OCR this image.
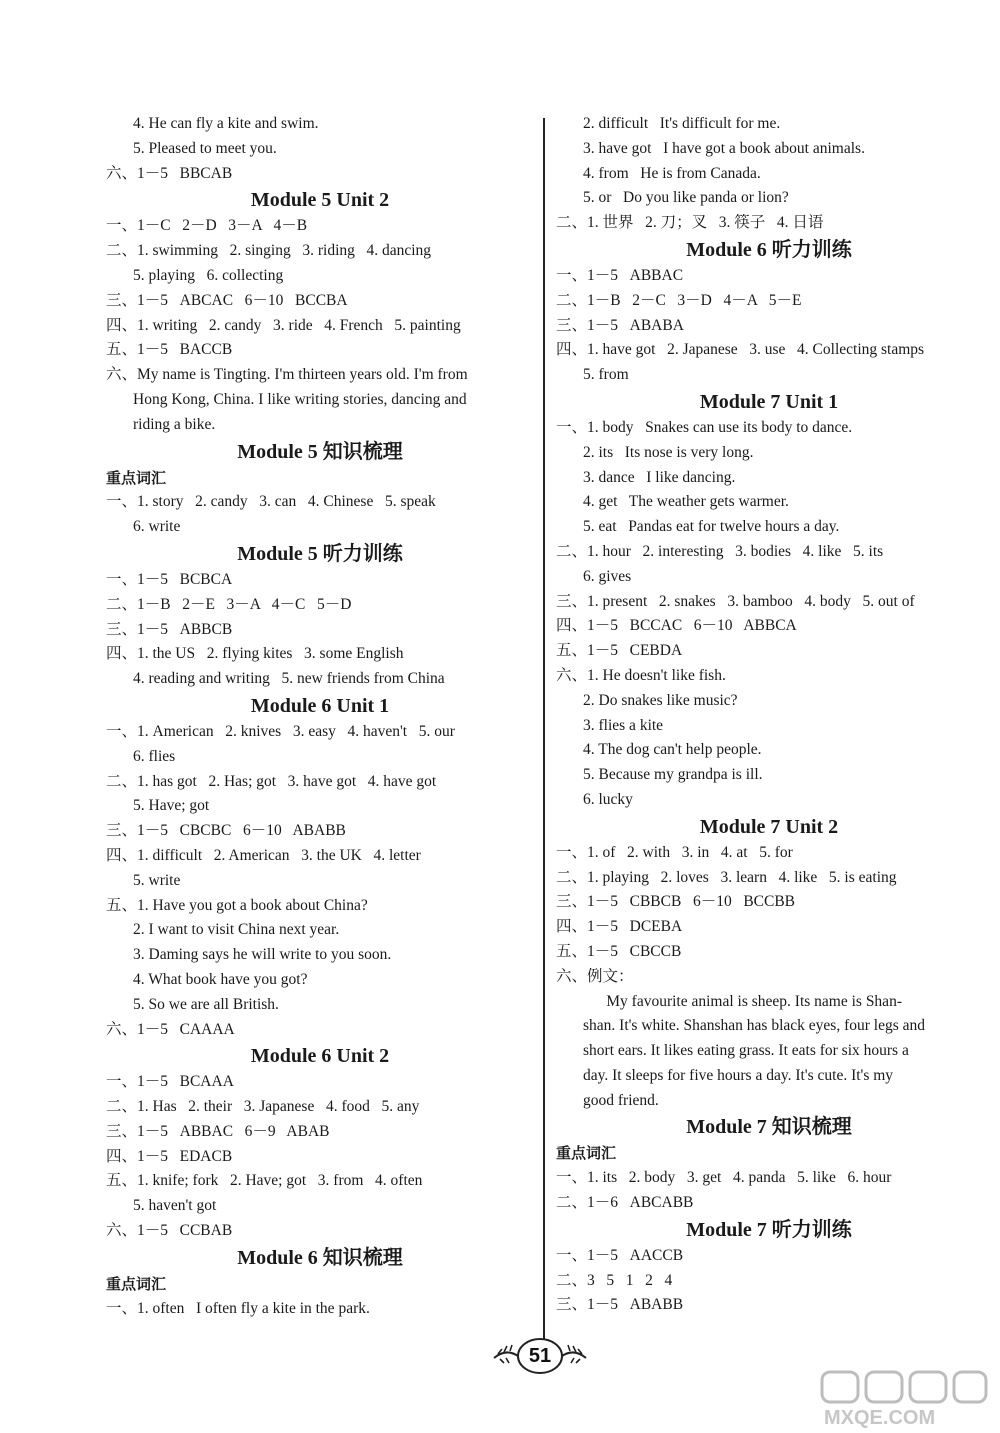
4. He can fly a kite and swim.
5. Pleased to meet you.
六、1－5   BBCAB
Module 5 Unit 2
一、1－C   2－D   3－A   4－B
二、1. swimming   2. singing   3. riding   4. dancing
5. playing   6. collecting
三、1－5   ABCAC   6－10   BCCBA
四、1. writing   2. candy   3. ride   4. French   5. painting
五、1－5   BACCB
六、My name is Tingting. I'm thirteen years old. I'm from
Hong Kong, China. I like writing stories, dancing and
riding a bike.
Module 5 知识梳理
重点词汇
一、1. story   2. candy   3. can   4. Chinese   5. speak
6. write
Module 5 听力训练
一、1－5   BCBCA
二、1－B   2－E   3－A   4－C   5－D
三、1－5   ABBCB
四、1. the US   2. flying kites   3. some English
4. reading and writing   5. new friends from China
Module 6 Unit 1
一、1. American   2. knives   3. easy   4. haven't   5. our
6. flies
二、1. has got   2. Has; got   3. have got   4. have got
5. Have; got
三、1－5   CBCBC   6－10   ABABB
四、1. difficult   2. American   3. the UK   4. letter
5. write
五、1. Have you got a book about China?
2. I want to visit China next year.
3. Daming says he will write to you soon.
4. What book have you got?
5. So we are all British.
六、1－5   CAAAA
Module 6 Unit 2
一、1－5   BCAAA
二、1. Has   2. their   3. Japanese   4. food   5. any
三、1－5   ABBAC   6－9   ABAB
四、1－5   EDACB
五、1. knife; fork   2. Have; got   3. from   4. often
5. haven't got
六、1－5   CCBAB
Module 6 知识梳理
重点词汇
一、1. often   I often fly a kite in the park.
2. difficult   It's difficult for me.
3. have got   I have got a book about animals.
4. from   He is from Canada.
5. or   Do you like panda or lion?
二、1. 世界   2. 刀；叉   3. 筷子   4. 日语
Module 6 听力训练
一、1－5   ABBAC
二、1－B   2－C   3－D   4－A   5－E
三、1－5   ABABA
四、1. have got   2. Japanese   3. use   4. Collecting stamps
5. from
Module 7 Unit 1
一、1. body   Snakes can use its body to dance.
2. its   Its nose is very long.
3. dance   I like dancing.
4. get   The weather gets warmer.
5. eat   Pandas eat for twelve hours a day.
二、1. hour   2. interesting   3. bodies   4. like   5. its
6. gives
三、1. present   2. snakes   3. bamboo   4. body   5. out of
四、1－5   BCCAC   6－10   ABBCA
五、1－5   CEBDA
六、1. He doesn't like fish.
2. Do snakes like music?
3. flies a kite
4. The dog can't help people.
5. Because my grandpa is ill.
6. lucky
Module 7 Unit 2
一、1. of   2. with   3. in   4. at   5. for
二、1. playing   2. loves   3. learn   4. like   5. is eating
三、1－5   CBBCB   6－10   BCCBB
四、1－5   DCEBA
五、1－5   CBCCB
六、例文：
My favourite animal is sheep. Its name is Shan-
shan. It's white. Shanshan has black eyes, four legs and
short ears. It likes eating grass. It eats for six hours a
day. It sleeps for five hours a day. It's cute. It's my
good friend.
Module 7 知识梳理
重点词汇
一、1. its   2. body   3. get   4. panda   5. like   6. hour
二、1－6   ABCABB
Module 7 听力训练
一、1－5   AACCB
二、3   5   1   2   4
三、1－5   ABABB
51
MXQE.COM
